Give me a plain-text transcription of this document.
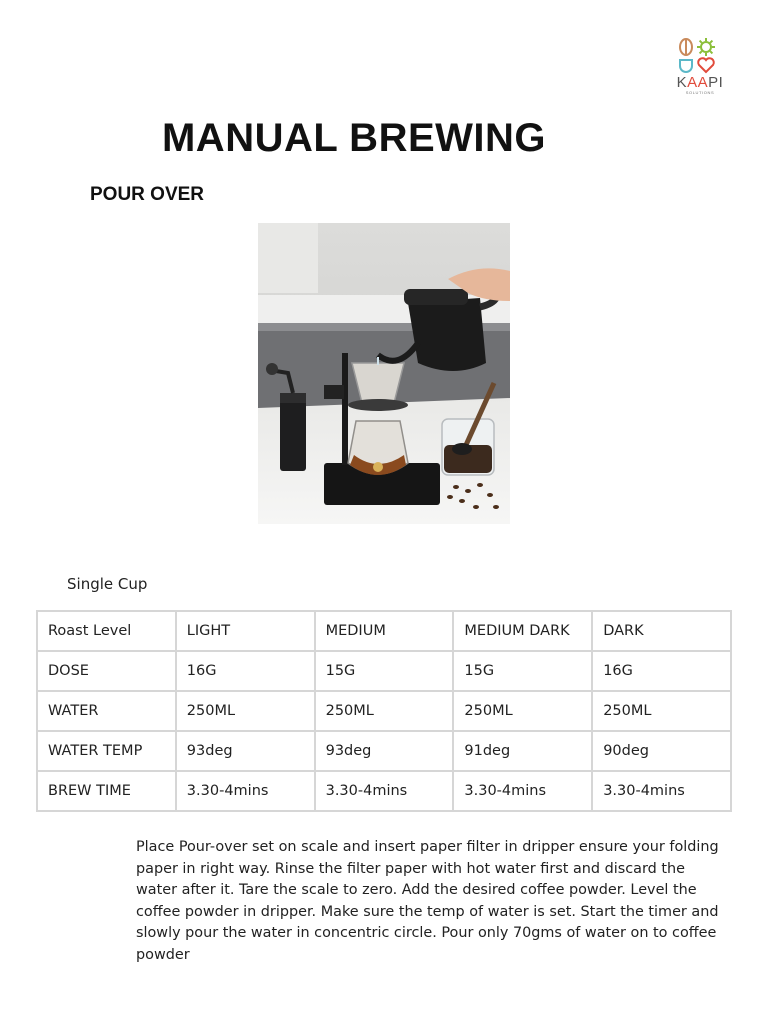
KAAPI
SOLUTIONS
MANUAL BREWING
POUR OVER
Single Cup
Roast Level	LIGHT	MEDIUM	MEDIUM DARK	DARK
DOSE	16G	15G	15G	16G
WATER	250ML	250ML	250ML	250ML
WATER TEMP	93deg	93deg	91deg	90deg
BREW TIME	3.30-4mins	3.30-4mins	3.30-4mins	3.30-4mins

Place Pour-over set on scale and insert paper filter in dripper ensure your folding paper in right way. Rinse the filter paper with hot water first and discard the water after it. Tare the scale to zero. Add the desired coffee powder. Level the coffee powder in dripper. Make sure the temp of water is set. Start the timer and slowly pour the water in concentric circle. Pour only 70gms of water on to coffee powder
